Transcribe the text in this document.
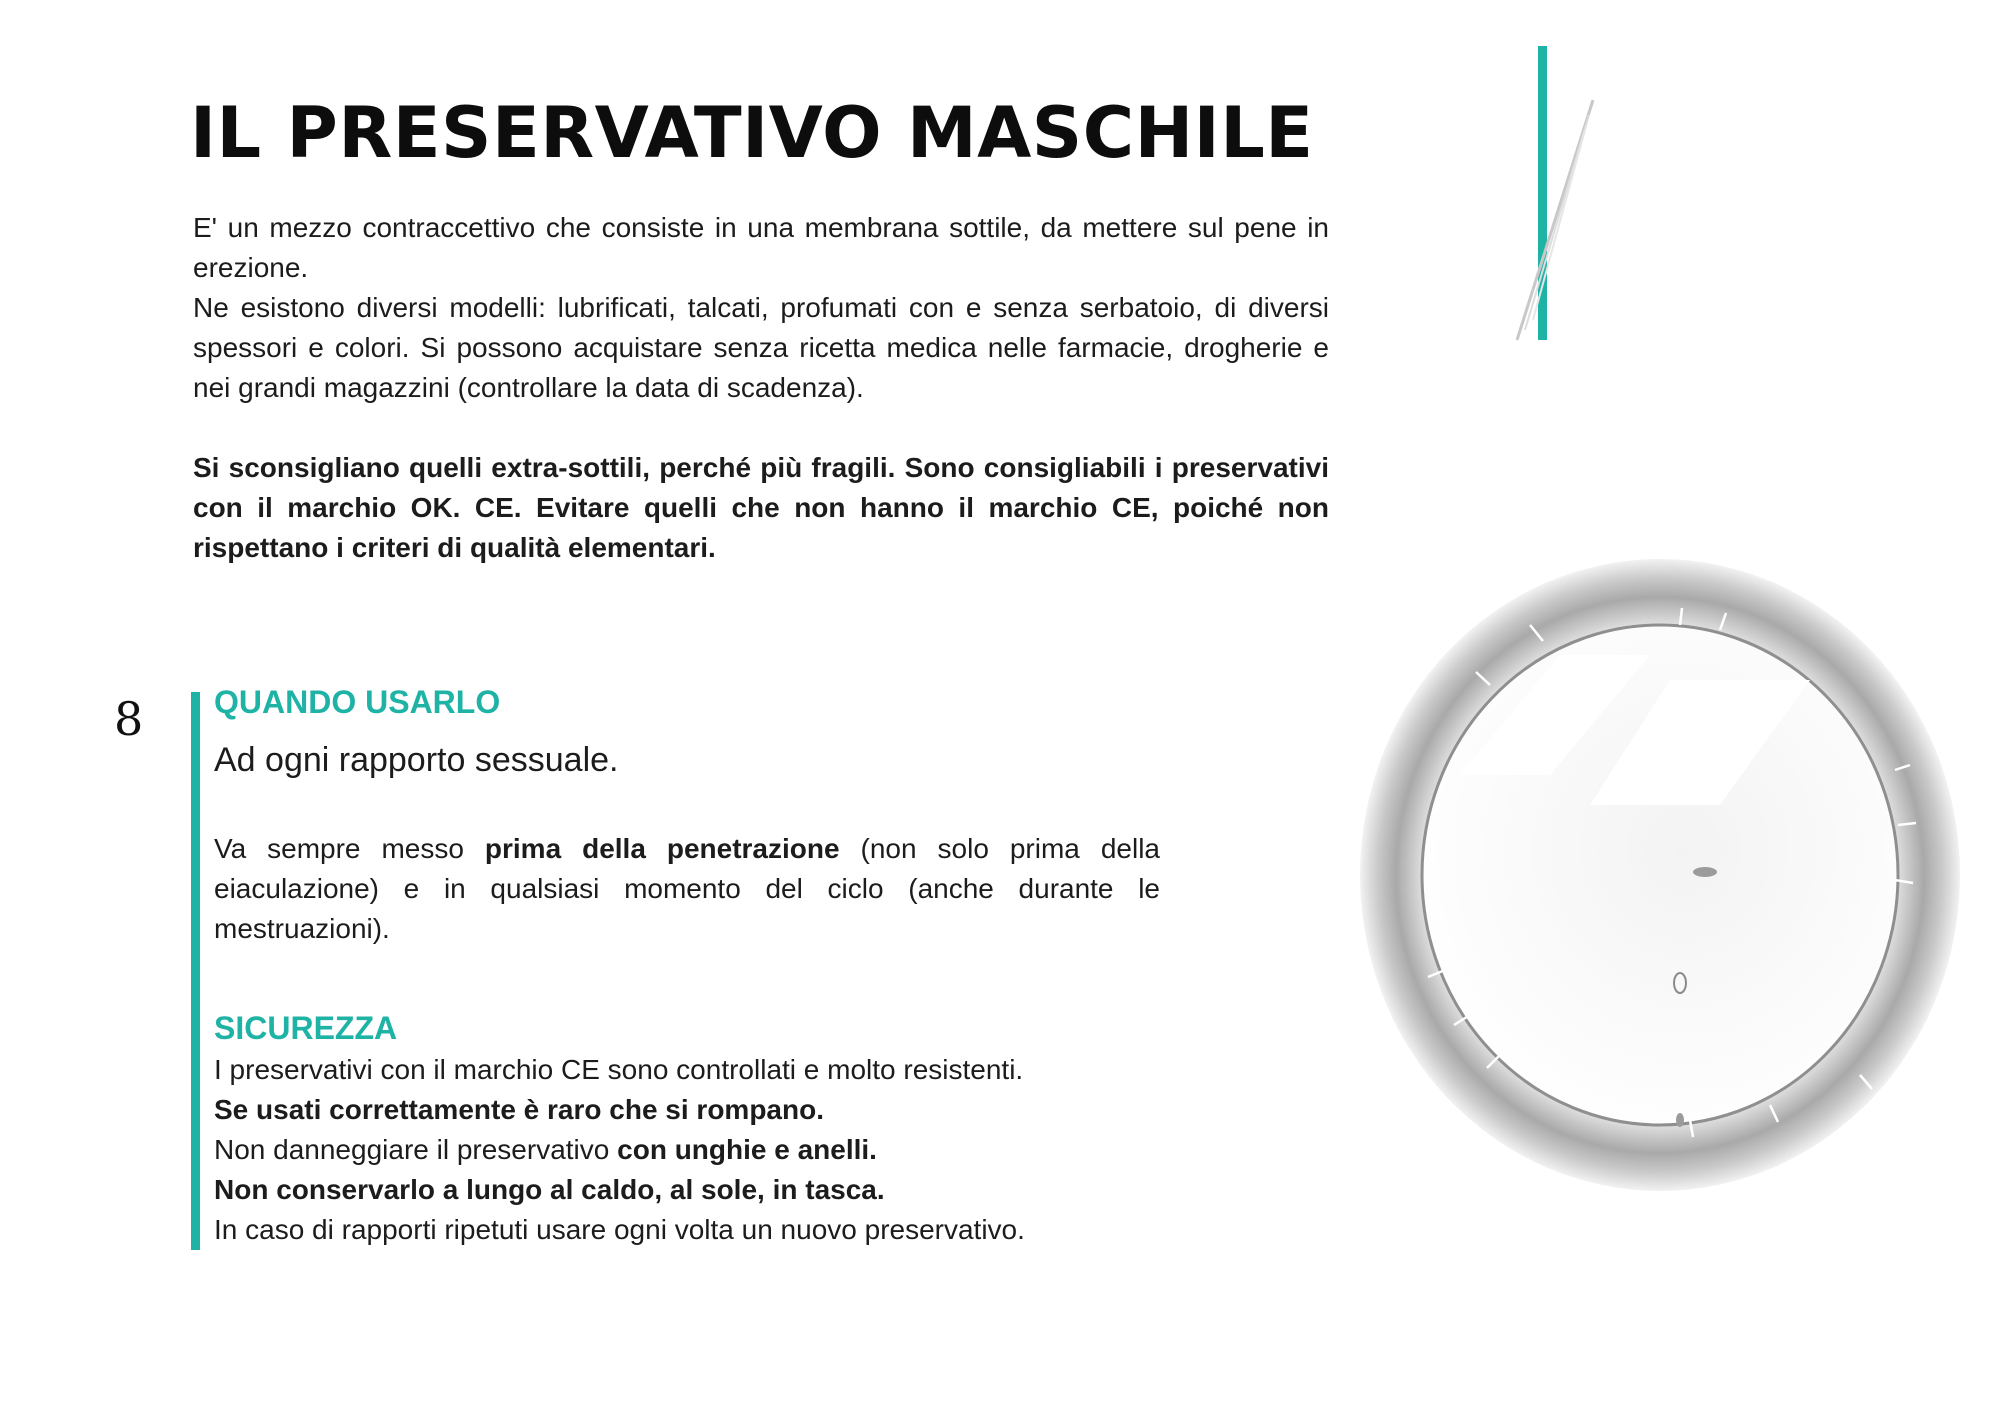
IL PRESERVATIVO MASCHILE

E' un mezzo contraccettivo che consiste in una membrana sottile, da mettere sul pene in erezione.

Ne esistono diversi modelli: lubrificati, talcati, profumati con e senza serbatoio, di diversi spessori e colori. Si possono acquistare senza ricetta medica nelle farmacie, drogherie e nei grandi magazzini (controllare la data di scadenza).

Si sconsigliano quelli extra-sottili, perché più fragili. Sono consigliabili i preservativi con il marchio OK. CE. Evitare quelli che non hanno il marchio CE, poiché non rispettano i criteri di qualità elementari.

8 QUANDO USARLO

Ad ogni rapporto sessuale.

Va sempre messo prima della penetrazione (non solo prima della eiaculazione) e in qualsiasi momento del ciclo (anche durante le mestruazioni).

SICUREZZA
I preservativi con il marchio CE sono controllati e molto resistenti.
Se usati correttamente è raro che si rompano.
Non danneggiare il preservativo con unghie e anelli.
Non conservarlo a lungo al caldo, al sole, in tasca.
In caso di rapporti ripetuti usare ogni volta un nuovo preservativo.
